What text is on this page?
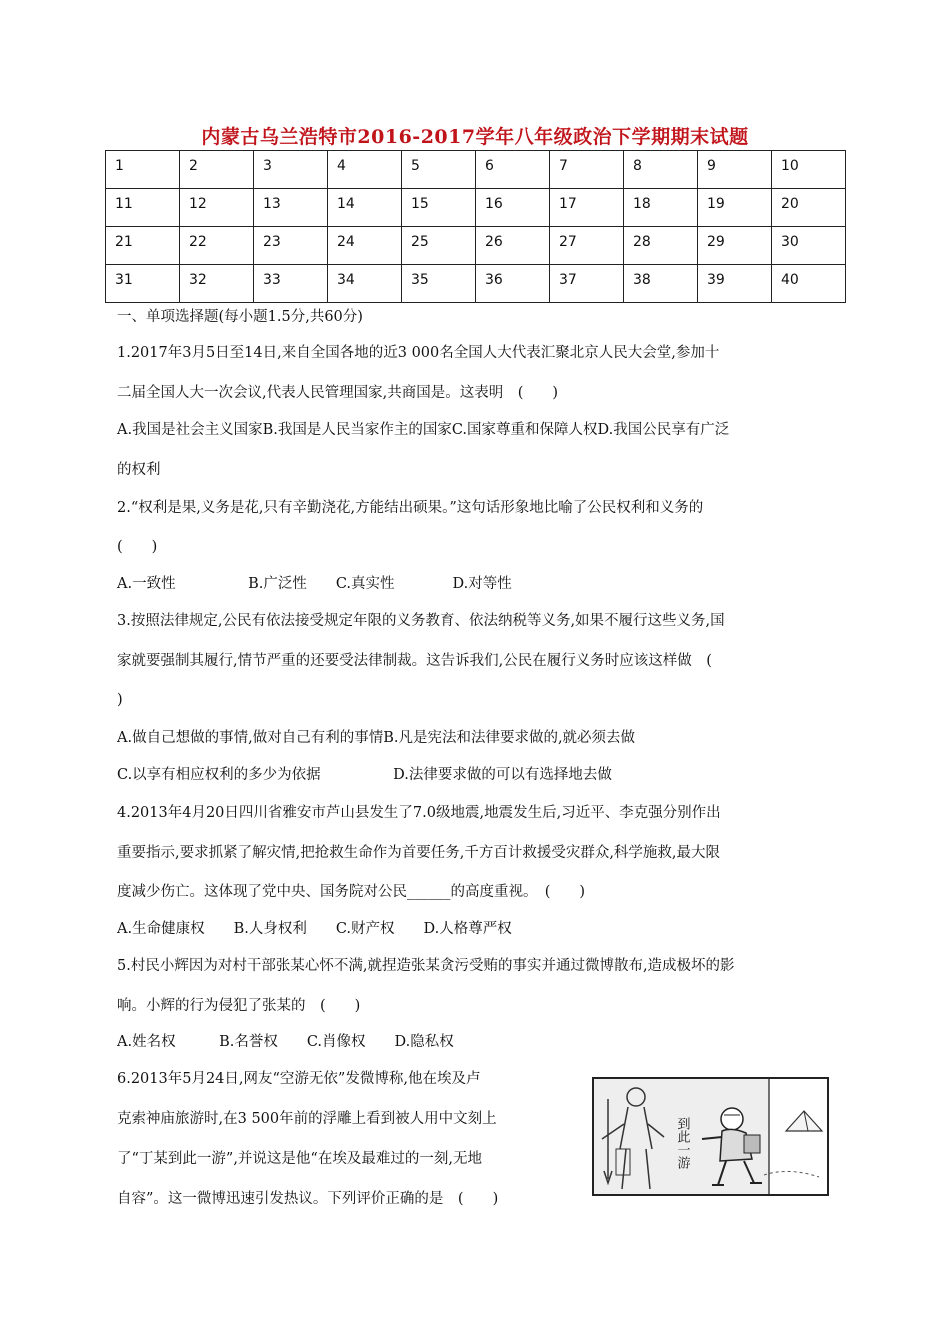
内蒙古乌兰浩特市2016-2017学年八年级政治下学期期末试题
1	2	3	4	5	6	7	8	9	10
11	12	13	14	15	16	17	18	19	20
21	22	23	24	25	26	27	28	29	30
31	32	33	34	35	36	37	38	39	40
一、单项选择题(每小题1.5分,共60分)
1.2017年3月5日至14日,来自全国各地的近3 000名全国人大代表汇聚北京人民大会堂,参加十
二届全国人大一次会议,代表人民管理国家,共商国是。这表明　(　　)
A.我国是社会主义国家B.我国是人民当家作主的国家C.国家尊重和保障人权D.我国公民享有广泛
的权利
2.“权利是果,义务是花,只有辛勤浇花,方能结出硕果。”这句话形象地比喻了公民权利和义务的
(　　)
A.一致性　　　　　B.广泛性　　C.真实性　　　　D.对等性
3.按照法律规定,公民有依法接受规定年限的义务教育、依法纳税等义务,如果不履行这些义务,国
家就要强制其履行,情节严重的还要受法律制裁。这告诉我们,公民在履行义务时应该这样做　(
)
A.做自己想做的事情,做对自己有利的事情B.凡是宪法和法律要求做的,就必须去做
C.以享有相应权利的多少为依据　　　　　D.法律要求做的可以有选择地去做
4.2013年4月20日四川省雅安市芦山县发生了7.0级地震,地震发生后,习近平、李克强分别作出
重要指示,要求抓紧了解灾情,把抢救生命作为首要任务,千方百计救援受灾群众,科学施救,最大限
度减少伤亡。这体现了党中央、国务院对公民______的高度重视。　(　　)
A.生命健康权　　B.人身权利　　C.财产权　　D.人格尊严权
5.村民小辉因为对村干部张某心怀不满,就捏造张某贪污受贿的事实并通过微博散布,造成极坏的影
响。小辉的行为侵犯了张某的　(　　)
A.姓名权　　　B.名誉权　　C.肖像权　　D.隐私权
6.2013年5月24日,网友“空游无依”发微博称,他在埃及卢
克索神庙旅游时,在3 500年前的浮雕上看到被人用中文刻上
了“丁某到此一游”,并说这是他“在埃及最难过的一刻,无地
自容”。这一微博迅速引发热议。下列评价正确的是　(　　)
到此一游
